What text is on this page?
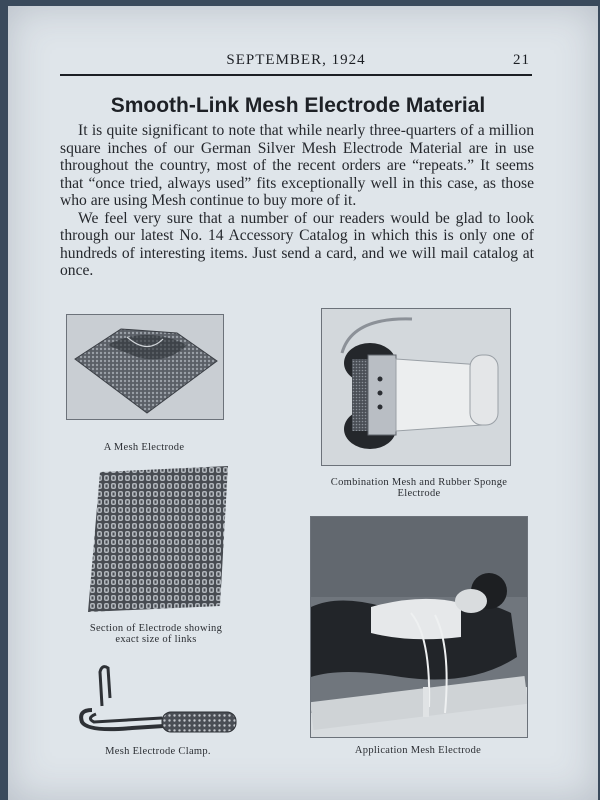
SEPTEMBER, 1924	21
Smooth-Link Mesh Electrode Material

It is quite significant to note that while nearly three-quarters of a million square inches of our German Silver Mesh Electrode Material are in use throughout the country, most of the recent orders are “repeats.” It seems that “once tried, always used” fits exceptionally well in this case, as those who are using Mesh continue to buy more of it.

We feel very sure that a number of our readers would be glad to look through our latest No. 14 Accessory Catalog in which this is only one of hundreds of interesting items. Just send a card, and we will mail catalog at once.

A Mesh Electrode
Combination Mesh and Rubber Sponge
Electrode
Section of Electrode showing
exact size of links
Mesh Electrode Clamp.	Application Mesh Electrode
